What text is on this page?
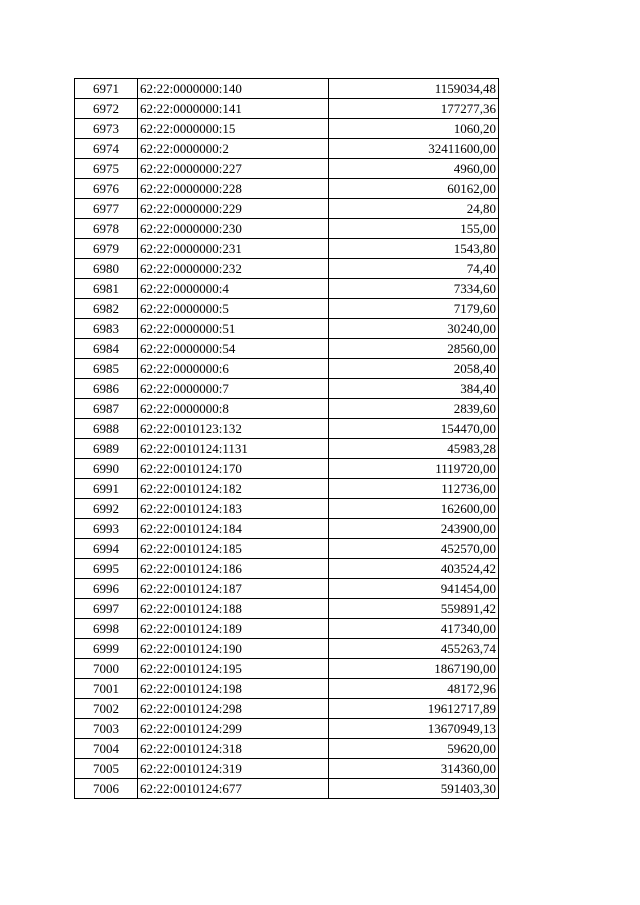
6971	62:22:0000000:140	1159034,48
6972	62:22:0000000:141	177277,36
6973	62:22:0000000:15	1060,20
6974	62:22:0000000:2	32411600,00
6975	62:22:0000000:227	4960,00
6976	62:22:0000000:228	60162,00
6977	62:22:0000000:229	24,80
6978	62:22:0000000:230	155,00
6979	62:22:0000000:231	1543,80
6980	62:22:0000000:232	74,40
6981	62:22:0000000:4	7334,60
6982	62:22:0000000:5	7179,60
6983	62:22:0000000:51	30240,00
6984	62:22:0000000:54	28560,00
6985	62:22:0000000:6	2058,40
6986	62:22:0000000:7	384,40
6987	62:22:0000000:8	2839,60
6988	62:22:0010123:132	154470,00
6989	62:22:0010124:1131	45983,28
6990	62:22:0010124:170	1119720,00
6991	62:22:0010124:182	112736,00
6992	62:22:0010124:183	162600,00
6993	62:22:0010124:184	243900,00
6994	62:22:0010124:185	452570,00
6995	62:22:0010124:186	403524,42
6996	62:22:0010124:187	941454,00
6997	62:22:0010124:188	559891,42
6998	62:22:0010124:189	417340,00
6999	62:22:0010124:190	455263,74
7000	62:22:0010124:195	1867190,00
7001	62:22:0010124:198	48172,96
7002	62:22:0010124:298	19612717,89
7003	62:22:0010124:299	13670949,13
7004	62:22:0010124:318	59620,00
7005	62:22:0010124:319	314360,00
7006	62:22:0010124:677	591403,30
